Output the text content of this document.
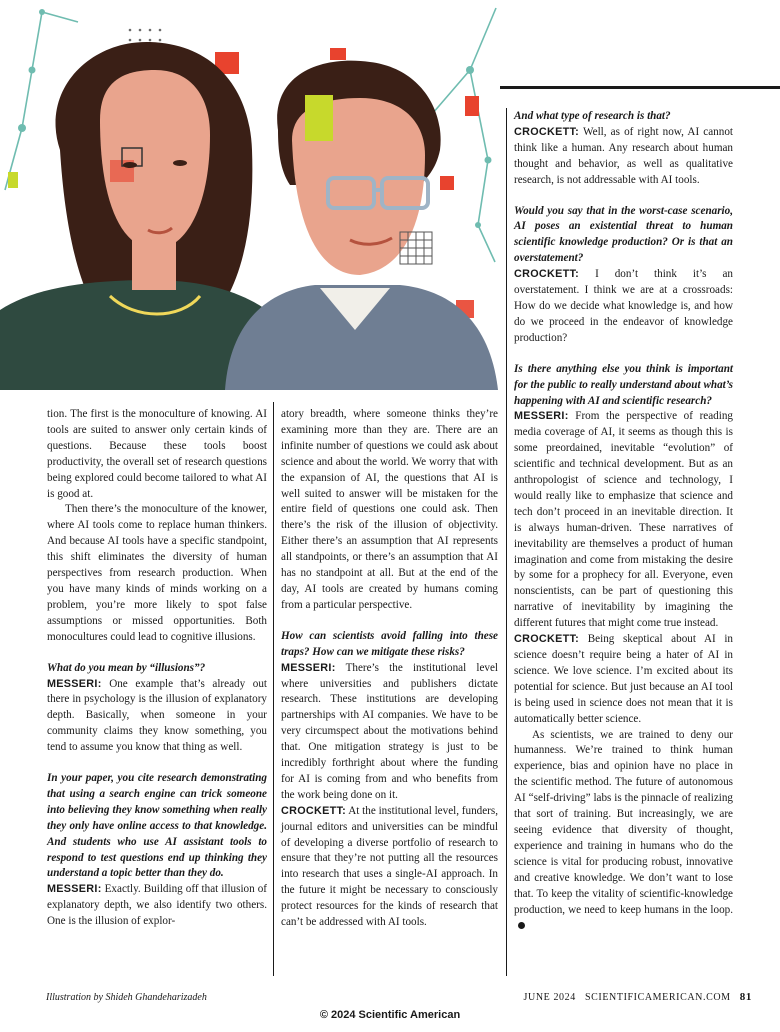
tion. The first is the monoculture of knowing. AI tools are suited to answer only certain kinds of questions. Because these tools boost productivity, the overall set of research questions being explored could become tailored to what AI is good at.

Then there’s the monoculture of the knower, where AI tools come to replace human thinkers. And because AI tools have a specific standpoint, this shift eliminates the diversity of human perspectives from research production. When you have many kinds of minds working on a problem, you’re more likely to spot false assumptions or missed opportunities. Both monocultures could lead to cognitive illusions.

What do you mean by “illusions”?

MESSERI: One example that’s already out there in psychology is the illusion of explanatory depth. Basically, when someone in your community claims they know something, you tend to assume you know that thing as well.

In your paper, you cite research demonstrating that using a search engine can trick someone into believing they know something when really they only have online access to that knowledge. And students who use AI assistant tools to respond to test questions end up thinking they understand a topic better than they do.

MESSERI: Exactly. Building off that illusion of explanatory depth, we also identify two others. One is the illusion of explor-

atory breadth, where someone thinks they’re examining more than they are. There are an infinite number of questions we could ask about science and about the world. We worry that with the expansion of AI, the questions that AI is well suited to answer will be mistaken for the entire field of questions one could ask. Then there’s the risk of the illusion of objectivity. Either there’s an assumption that AI represents all standpoints, or there’s an assumption that AI has no standpoint at all. But at the end of the day, AI tools are created by humans coming from a particular perspective.

How can scientists avoid falling into these traps? How can we mitigate these risks?

MESSERI: There’s the institutional level where universities and publishers dictate research. These institutions are developing partnerships with AI companies. We have to be very circumspect about the motivations behind that. One mitigation strategy is just to be incredibly forthright about where the funding for AI is coming from and who benefits from the work being done on it.

CROCKETT: At the institutional level, funders, journal editors and universities can be mindful of developing a diverse portfolio of research to ensure that they’re not putting all the resources into research that uses a single-AI approach. In the future it might be necessary to consciously protect resources for the kinds of research that can’t be addressed with AI tools.

And what type of research is that?

CROCKETT: Well, as of right now, AI cannot think like a human. Any research about human thought and behavior, as well as qualitative research, is not addressable with AI tools.

Would you say that in the worst-case scenario, AI poses an existential threat to human scientific knowledge production? Or is that an overstatement?

CROCKETT: I don’t think it’s an overstatement. I think we are at a crossroads: How do we decide what knowledge is, and how do we proceed in the endeavor of knowledge production?

Is there anything else you think is important for the public to really understand about what’s happening with AI and scientific research?

MESSERI: From the perspective of reading media coverage of AI, it seems as though this is some preordained, inevitable “evolution” of scientific and technical development. But as an anthropologist of science and technology, I would really like to emphasize that science and tech don’t proceed in an inevitable direction. It is always human-driven. These narratives of inevitability are themselves a product of human imagination and come from mistaking the desire by some for a prophecy for all. Everyone, even nonscientists, can be part of questioning this narrative of inevitability by imagining the different futures that might come true instead.

CROCKETT: Being skeptical about AI in science doesn’t require being a hater of AI in science. We love science. I’m excited about its potential for science. But just because an AI tool is being used in science does not mean that it is automatically better science.

As scientists, we are trained to deny our humanness. We’re trained to think human experience, bias and opinion have no place in the scientific method. The future of autonomous AI “self-driving” labs is the pinnacle of realizing that sort of training. But increasingly, we are seeing evidence that diversity of thought, experience and training in humans who do the science is vital for producing robust, innovative and creative knowledge. We don’t want to lose that. To keep the vitality of scientific-knowledge production, we need to keep humans in the loop.

Illustration by Shideh Ghandeharizadeh	JUNE 2024 SCIENTIFICAMERICAN.COM 81
© 2024 Scientific American
